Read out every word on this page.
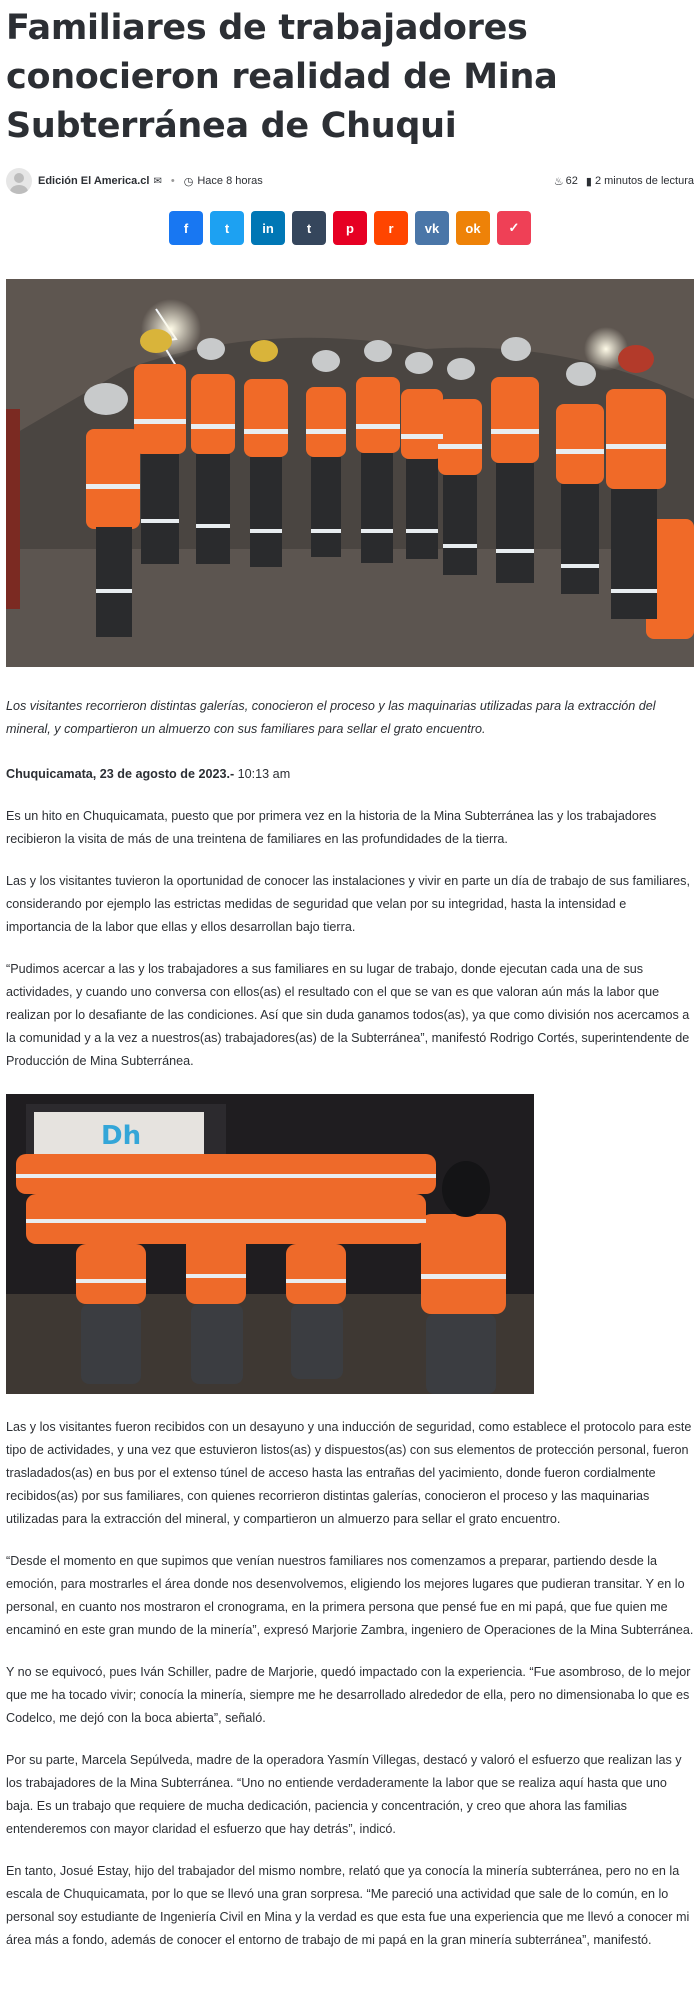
Familiares de trabajadores conocieron realidad de Mina Subterránea de Chuqui
Edición El America.cl ✉ • ◷ Hace 8 horas	♨ 62 ▮ 2 minutos de lectura
f	t	in	t	p	r vk ok ✓

Los visitantes recorrieron distintas galerías, conocieron el proceso y las maquinarias utilizadas para la extracción del mineral, y compartieron un almuerzo con sus familiares para sellar el grato encuentro.

Chuquicamata, 23 de agosto de 2023.- 10:13 am

Es un hito en Chuquicamata, puesto que por primera vez en la historia de la Mina Subterránea las y los trabajadores recibieron la visita de más de una treintena de familiares en las profundidades de la tierra.

Las y los visitantes tuvieron la oportunidad de conocer las instalaciones y vivir en parte un día de trabajo de sus familiares, considerando por ejemplo las estrictas medidas de seguridad que velan por su integridad, hasta la intensidad e importancia de la labor que ellas y ellos desarrollan bajo tierra.

“Pudimos acercar a las y los trabajadores a sus familiares en su lugar de trabajo, donde ejecutan cada una de sus actividades, y cuando uno conversa con ellos(as) el resultado con el que se van es que valoran aún más la labor que realizan por lo desafiante de las condiciones. Así que sin duda ganamos todos(as), ya que como división nos acercamos a la comunidad y a la vez a nuestros(as) trabajadores(as) de la Subterránea”, manifestó Rodrigo Cortés, superintendente de Producción de Mina Subterránea.

Dh

Las y los visitantes fueron recibidos con un desayuno y una inducción de seguridad, como establece el protocolo para este tipo de actividades, y una vez que estuvieron listos(as) y dispuestos(as) con sus elementos de protección personal, fueron trasladados(as) en bus por el extenso túnel de acceso hasta las entrañas del yacimiento, donde fueron cordialmente recibidos(as) por sus familiares, con quienes recorrieron distintas galerías, conocieron el proceso y las maquinarias utilizadas para la extracción del mineral, y compartieron un almuerzo para sellar el grato encuentro.

“Desde el momento en que supimos que venían nuestros familiares nos comenzamos a preparar, partiendo desde la emoción, para mostrarles el área donde nos desenvolvemos, eligiendo los mejores lugares que pudieran transitar. Y en lo personal, en cuanto nos mostraron el cronograma, en la primera persona que pensé fue en mi papá, que fue quien me encaminó en este gran mundo de la minería”, expresó Marjorie Zambra, ingeniero de Operaciones de la Mina Subterránea.

Y no se equivocó, pues Iván Schiller, padre de Marjorie, quedó impactado con la experiencia. “Fue asombroso, de lo mejor que me ha tocado vivir; conocía la minería, siempre me he desarrollado alrededor de ella, pero no dimensionaba lo que es Codelco, me dejó con la boca abierta”, señaló.

Por su parte, Marcela Sepúlveda, madre de la operadora Yasmín Villegas, destacó y valoró el esfuerzo que realizan las y los trabajadores de la Mina Subterránea. “Uno no entiende verdaderamente la labor que se realiza aquí hasta que uno baja. Es un trabajo que requiere de mucha dedicación, paciencia y concentración, y creo que ahora las familias entenderemos con mayor claridad el esfuerzo que hay detrás”, indicó.

En tanto, Josué Estay, hijo del trabajador del mismo nombre, relató que ya conocía la minería subterránea, pero no en la escala de Chuquicamata, por lo que se llevó una gran sorpresa. “Me pareció una actividad que sale de lo común, en lo personal soy estudiante de Ingeniería Civil en Mina y la verdad es que esta fue una experiencia que me llevó a conocer mi área más a fondo, además de conocer el entorno de trabajo de mi papá en la gran minería subterránea”, manifestó.
